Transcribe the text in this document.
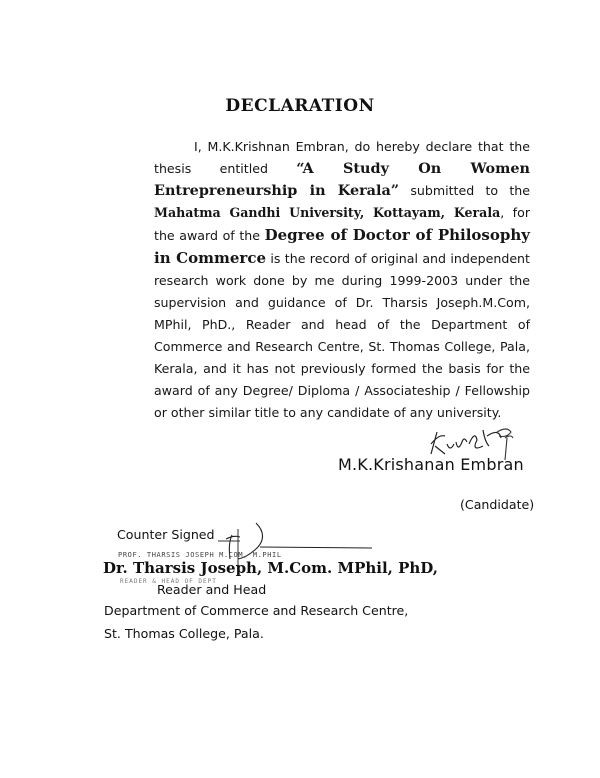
DECLARATION
I, M.K.Krishnan Embran, do hereby declare that the thesis entitled “A Study On Women Entrepreneurship in Kerala” submitted to the Mahatma Gandhi University, Kottayam, Kerala, for the award of the Degree of Doctor of Philosophy in Commerce is the record of original and independent research work done by me during 1999-2003 under the supervision and guidance of Dr. Tharsis Joseph.M.Com, MPhil, PhD., Reader and head of the Department of Commerce and Research Centre, St. Thomas College, Pala, Kerala, and it has not previously formed the basis for the award of any Degree/ Diploma / Associateship / Fellowship or other similar title to any candidate of any university.
M.K.Krishanan Embran
(Candidate)
Counter Signed
PROF. THARSIS JOSEPH M.COM, M.PHIL
Dr. Tharsis Joseph, M.Com. MPhil, PhD,
READER & HEAD OF DEPT
Reader and Head
Department of Commerce and Research Centre,
St. Thomas College, Pala.
